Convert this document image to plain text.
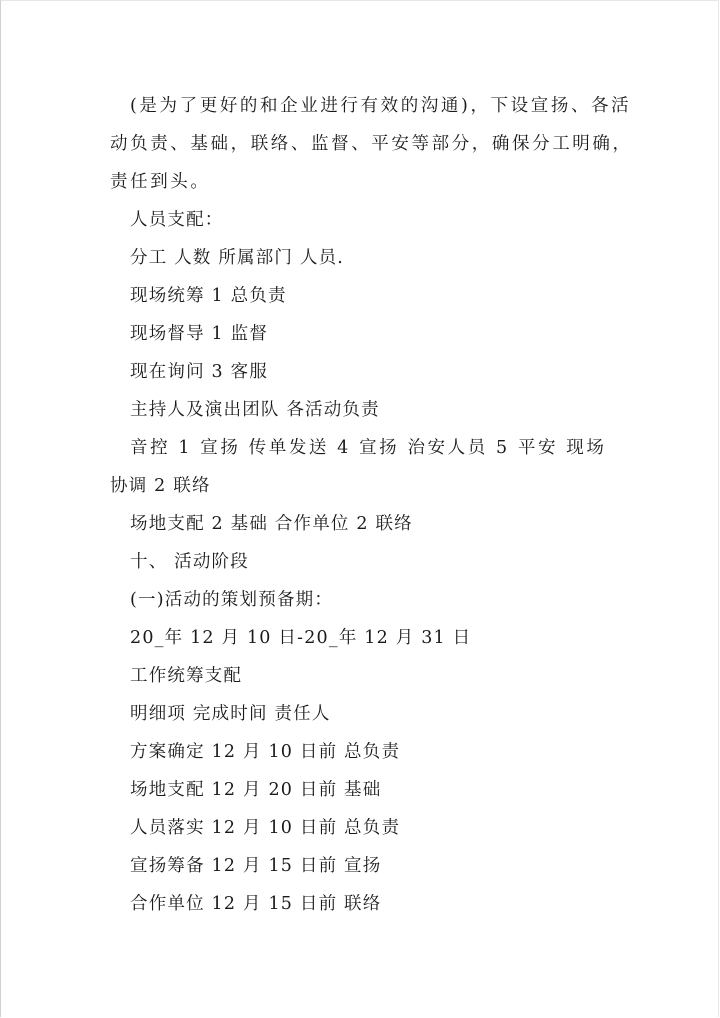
(是为了更好的和企业进行有效的沟通)，下设宣扬、各活
动负责、基础，联络、监督、平安等部分，确保分工明确，
责任到头。
人员支配：
分工 人数 所属部门 人员.
现场统筹 1 总负责
现场督导 1 监督
现在询问 3 客服
主持人及演出团队 各活动负责
音控 1 宣扬 传单发送 4 宣扬 治安人员 5 平安 现场
协调 2 联络
场地支配 2 基础 合作单位 2 联络
十、 活动阶段
(一)活动的策划预备期：
20_年 12 月 10 日-20_年 12 月 31 日
工作统筹支配
明细项 完成时间 责任人
方案确定 12 月 10 日前 总负责
场地支配 12 月 20 日前 基础
人员落实 12 月 10 日前 总负责
宣扬筹备 12 月 15 日前 宣扬
合作单位 12 月 15 日前 联络
